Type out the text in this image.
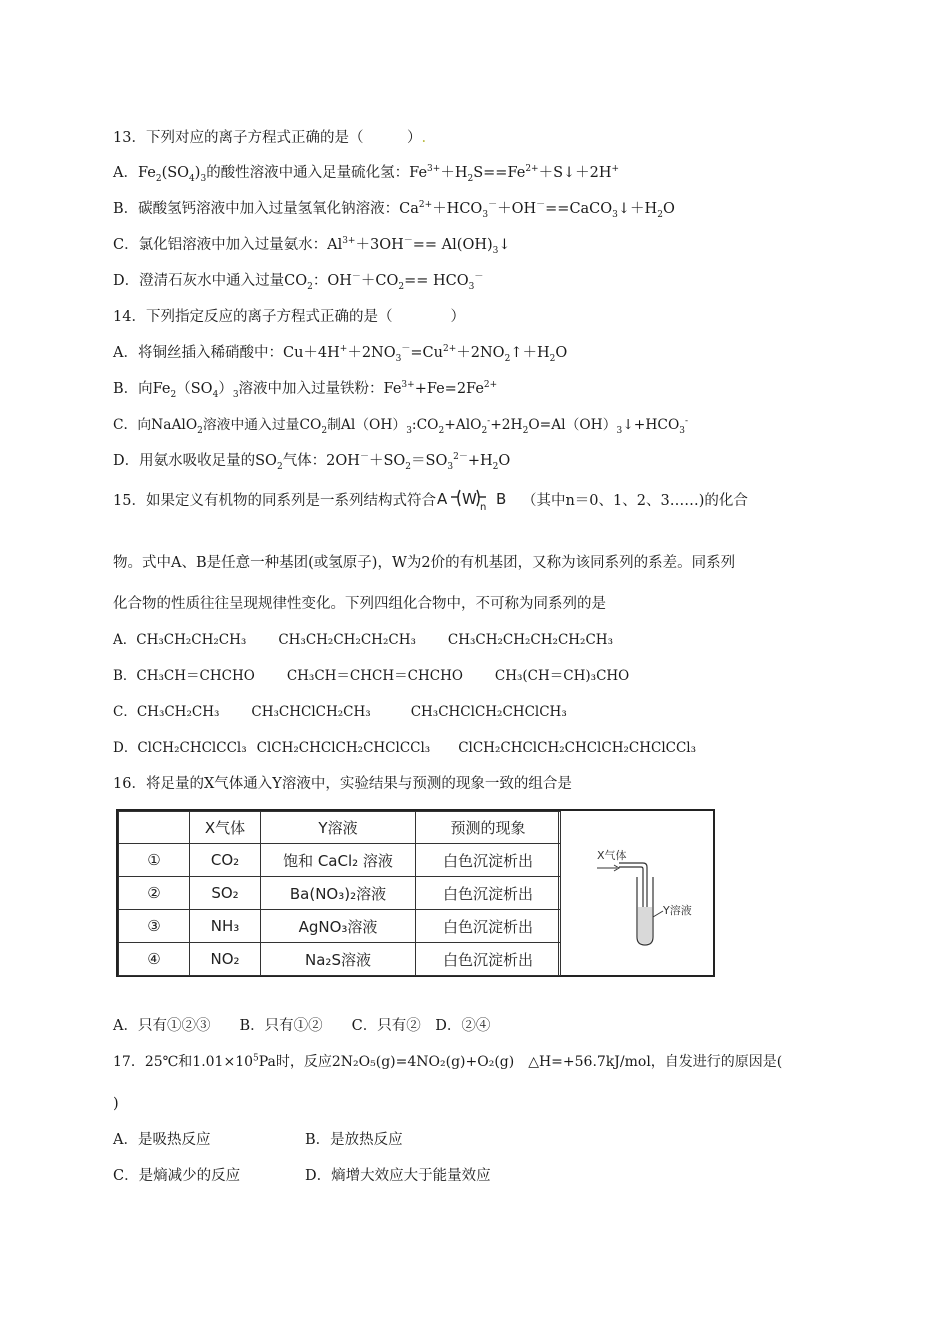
13．下列对应的离子方程式正确的是（　　　）.
A．$Fe_2(SO_4)_3$的酸性溶液中通入足量硫化氢：$Fe^{3+}+H_2S==Fe^{2+}+S↓+2H^+$
B．碳酸氢钙溶液中加入过量氢氧化钠溶液：$Ca^{2+}+HCO_3^-+OH^-==CaCO_3↓+H_2O$
C．氯化铝溶液中加入过量氨水：$Al^{3+}+3OH^-==$ $Al(OH)_3↓$
D．澄清石灰水中通入过量$CO_2$：$OH^-+CO_2== HCO_3^-$
14．下列指定反应的离子方程式正确的是（　　　　）
A．将铜丝插入稀硝酸中：$Cu+4H^++2NO_3^-=Cu^{2+}+2NO_2↑+H_2O$
B．向$Fe_2(SO_4)_3$溶液中加入过量铁粉：$Fe^{3+}+Fe=2Fe^{2+}$
C．向NaAlO$_2$溶液中通入过量$CO_2$制$Al(OH)_3:CO_2+AlO_2^-+2H_2O=Al(OH)_3↓+HCO_3^-$
D．用氨水吸收足量的$SO_2$气体：$2OH^-+SO_2=SO_3^{2-}+H_2O$
15．如果定义有机物的同系列是一系列结构式符合 A W n B （其中n＝0、1、2、3……)的化合
物。式中A、B是任意一种基团(或氢原子)，W为2价的有机基团，又称为该同系列的系差。同系列
化合物的性质往往呈现规律性变化。下列四组化合物中，不可称为同系列的是
A．CH₃CH₂CH₂CH₃ CH₃CH₂CH₂CH₂CH₃ CH₃CH₂CH₂CH₂CH₂CH₃
B．CH₃CH＝CHCHO CH₃CH＝CHCH＝CHCHO CH₃(CH＝CH)₃CHO
C．CH₃CH₂CH₃ CH₃CHClCH₂CH₃	CH₃CHClCH₂CHClCH₃
D．ClCH₂CHClCCl₃ ClCH₂CHClCH₂CHClCCl₃ ClCH₂CHClCH₂CHClCH₂CHClCCl₃
16．将足量的X气体通入Y溶液中，实验结果与预测的现象一致的组合是
	X气体	Y溶液	预测的现象
①	CO₂	饱和 CaCl₂ 溶液	白色沉淀析出
②	SO₂	Ba(NO₃)₂溶液	白色沉淀析出
③	NH₃	AgNO₃溶液	白色沉淀析出
④	NO₂	Na₂S溶液	白色沉淀析出
X气体
Y溶液
A．只有①②③　　B．只有①②　　C．只有②　D．②④
17．25℃和$1.01\times 10^5Pa$时，反应2N₂O₅(g)=4NO₂(g)+O₂(g)　△H=+56.7kJ/mol，自发进行的原因是(
)
A．是吸热反应	B．是放热反应
C．是熵减少的反应	D．熵增大效应大于能量效应
